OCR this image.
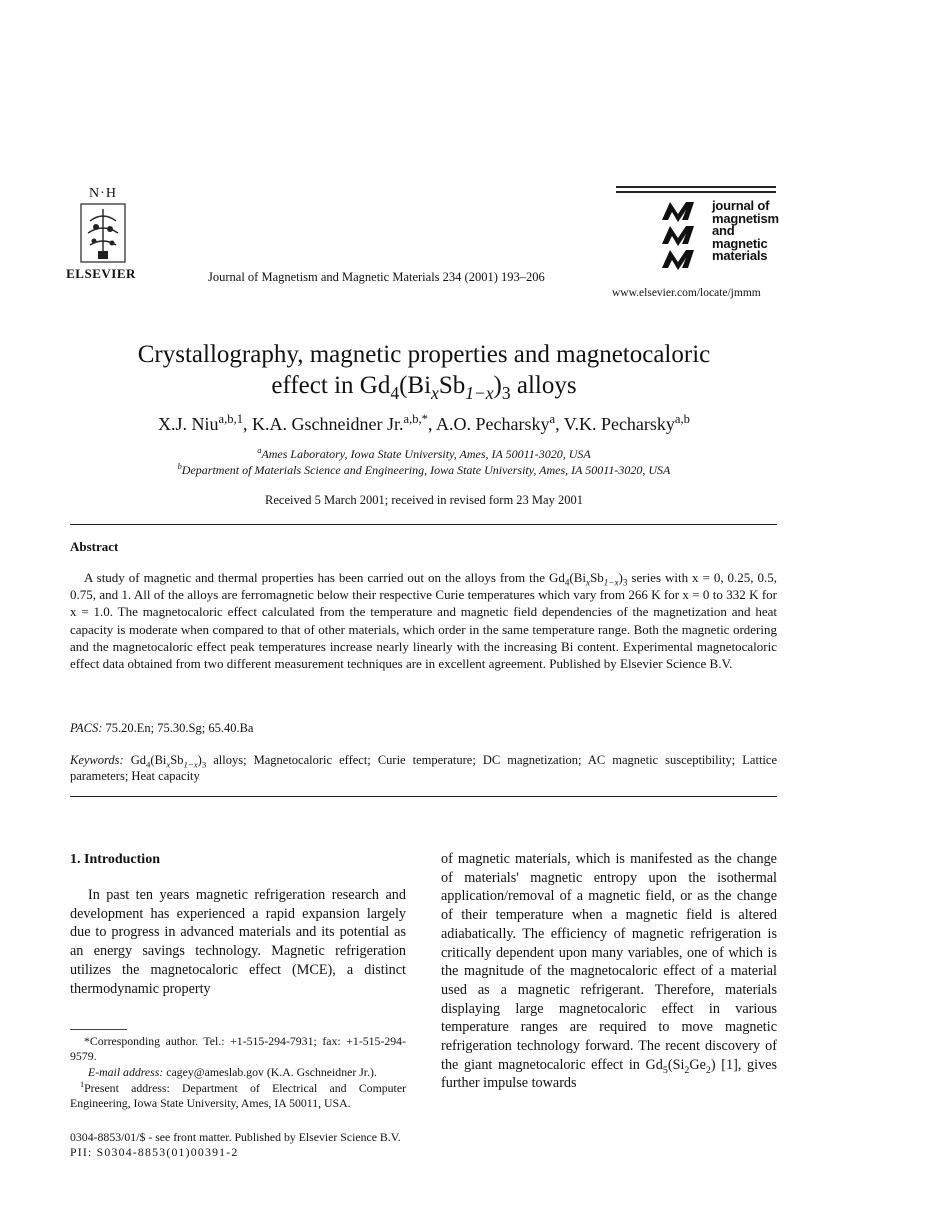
N·H
ELSEVIER	Journal of Magnetism and Magnetic Materials 234 (2001) 193–206
journal of
magnetism
and
magnetic
materials
www.elsevier.com/locate/jmmm
Crystallography, magnetic properties and magnetocaloric
effect in $Gd_4(Bi_xSb_{1-x})_3$ alloys
X.J. Niu$^{a,b,1}$, K.A. Gschneidner Jr.$^{a,b,*}$, A.O. Pecharsky$^a$, V.K. Pecharsky$^{a,b}$
$^a$Ames Laboratory, Iowa State University, Ames, IA 50011-3020, USA
$^b$Department of Materials Science and Engineering, Iowa State University, Ames, IA 50011-3020, USA
Received 5 March 2001; received in revised form 23 May 2001
Abstract
A study of magnetic and thermal properties has been carried out on the alloys from the $Gd_4(Bi_xSb_{1-x})_3$ series with x = 0, 0.25, 0.5, 0.75, and 1. All of the alloys are ferromagnetic below their respective Curie temperatures which vary from 266 K for x = 0 to 332 K for x = 1.0. The magnetocaloric effect calculated from the temperature and magnetic field dependencies of the magnetization and heat capacity is moderate when compared to that of other materials, which order in the same temperature range. Both the magnetic ordering and the magnetocaloric effect peak temperatures increase nearly linearly with the increasing Bi content. Experimental magnetocaloric effect data obtained from two different measurement techniques are in excellent agreement. Published by Elsevier Science B.V.
PACS: 75.20.En; 75.30.Sg; 65.40.Ba
Keywords: $Gd_4(Bi_xSb_{1-x})_3$ alloys; Magnetocaloric effect; Curie temperature; DC magnetization; AC magnetic susceptibility; Lattice parameters; Heat capacity
1. Introduction
In past ten years magnetic refrigeration research and development has experienced a rapid expansion largely due to progress in advanced materials and its potential as an energy savings technology. Magnetic refrigeration utilizes the magnetocaloric effect (MCE), a distinct thermodynamic property
of magnetic materials, which is manifested as the change of materials' magnetic entropy upon the isothermal application/removal of a magnetic field, or as the change of their temperature when a magnetic field is altered adiabatically. The efficiency of magnetic refrigeration is critically dependent upon many variables, one of which is the magnitude of the magnetocaloric effect of a material used as a magnetic refrigerant. Therefore, materials displaying large magnetocaloric effect in various temperature ranges are required to move magnetic refrigeration technology forward. The recent discovery of the giant magnetocaloric effect in $Gd_5(Si_2Ge_2)$ [1], gives further impulse towards
*Corresponding author. Tel.: +1-515-294-7931; fax: +1-515-294-9579.
E-mail address: cagey@ameslab.gov (K.A. Gschneidner Jr.).
$^1$Present address: Department of Electrical and Computer Engineering, Iowa State University, Ames, IA 50011, USA.
0304-8853/01/$ - see front matter. Published by Elsevier Science B.V.
PII: S0304-8853(01)00391-2
